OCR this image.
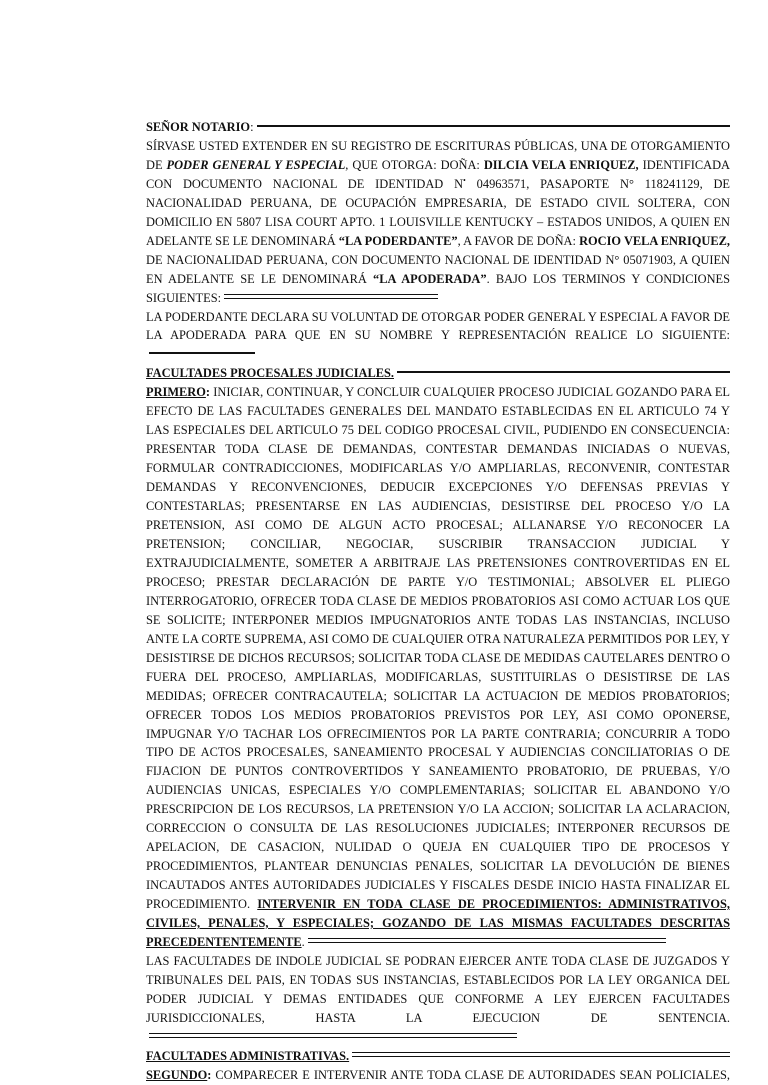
SEÑOR NOTARIO:

SÍRVASE USTED EXTENDER EN SU REGISTRO DE ESCRITURAS PÚBLICAS, UNA DE OTORGAMIENTO DE PODER GENERAL Y ESPECIAL, QUE OTORGA: DOÑA: DILCIA VELA ENRIQUEZ, IDENTIFICADA CON DOCUMENTO NACIONAL DE IDENTIDAD N• 04963571, PASAPORTE N° 118241129, DE NACIONALIDAD PERUANA, DE OCUPACIÓN EMPRESARIA, DE ESTADO CIVIL SOLTERA, CON DOMICILIO EN 5807 LISA COURT APTO. 1 LOUISVILLE KENTUCKY – ESTADOS UNIDOS, A QUIEN EN ADELANTE SE LE DENOMINARÁ “LA PODERDANTE”, A FAVOR DE DOÑA: ROCIO VELA ENRIQUEZ, DE NACIONALIDAD PERUANA, CON DOCUMENTO NACIONAL DE IDENTIDAD N° 05071903, A QUIEN EN ADELANTE SE LE DENOMINARÁ “LA APODERADA”. BAJO LOS TERMINOS Y CONDICIONES SIGUIENTES:

LA PODERDANTE DECLARA SU VOLUNTAD DE OTORGAR PODER GENERAL Y ESPECIAL A FAVOR DE LA APODERADA PARA QUE EN SU NOMBRE Y REPRESENTACIÓN REALICE LO SIGUIENTE:

FACULTADES PROCESALES JUDICIALES.

PRIMERO: INICIAR, CONTINUAR, Y CONCLUIR CUALQUIER PROCESO JUDICIAL GOZANDO PARA EL EFECTO DE LAS FACULTADES GENERALES DEL MANDATO ESTABLECIDAS EN EL ARTICULO 74 Y LAS ESPECIALES DEL ARTICULO 75 DEL CODIGO PROCESAL CIVIL, PUDIENDO EN CONSECUENCIA: PRESENTAR TODA CLASE DE DEMANDAS, CONTESTAR DEMANDAS INICIADAS O NUEVAS, FORMULAR CONTRADICCIONES, MODIFICARLAS Y/O AMPLIARLAS, RECONVENIR, CONTESTAR DEMANDAS Y RECONVENCIONES, DEDUCIR EXCEPCIONES Y/O DEFENSAS PREVIAS Y CONTESTARLAS; PRESENTARSE EN LAS AUDIENCIAS, DESISTIRSE DEL PROCESO Y/O LA PRETENSION, ASI COMO DE ALGUN ACTO PROCESAL; ALLANARSE Y/O RECONOCER LA PRETENSION; CONCILIAR, NEGOCIAR, SUSCRIBIR TRANSACCION JUDICIAL Y EXTRAJUDICIALMENTE, SOMETER A ARBITRAJE LAS PRETENSIONES CONTROVERTIDAS EN EL PROCESO; PRESTAR DECLARACIÓN DE PARTE Y/O TESTIMONIAL; ABSOLVER EL PLIEGO INTERROGATORIO, OFRECER TODA CLASE DE MEDIOS PROBATORIOS ASI COMO ACTUAR LOS QUE SE SOLICITE; INTERPONER MEDIOS IMPUGNATORIOS ANTE TODAS LAS INSTANCIAS, INCLUSO ANTE LA CORTE SUPREMA, ASI COMO DE CUALQUIER OTRA NATURALEZA PERMITIDOS POR LEY, Y DESISTIRSE DE DICHOS RECURSOS; SOLICITAR TODA CLASE DE MEDIDAS CAUTELARES DENTRO O FUERA DEL PROCESO, AMPLIARLAS, MODIFICARLAS, SUSTITUIRLAS O DESISTIRSE DE LAS MEDIDAS; OFRECER CONTRACAUTELA; SOLICITAR LA ACTUACION DE MEDIOS PROBATORIOS; OFRECER TODOS LOS MEDIOS PROBATORIOS PREVISTOS POR LEY, ASI COMO OPONERSE, IMPUGNAR Y/O TACHAR LOS OFRECIMIENTOS POR LA PARTE CONTRARIA; CONCURRIR A TODO TIPO DE ACTOS PROCESALES, SANEAMIENTO PROCESAL Y AUDIENCIAS CONCILIATORIAS O DE FIJACION DE PUNTOS CONTROVERTIDOS Y SANEAMIENTO PROBATORIO, DE PRUEBAS, Y/O AUDIENCIAS UNICAS, ESPECIALES Y/O COMPLEMENTARIAS; SOLICITAR EL ABANDONO Y/O PRESCRIPCION DE LOS RECURSOS, LA PRETENSION Y/O LA ACCION; SOLICITAR LA ACLARACION, CORRECCION O CONSULTA DE LAS RESOLUCIONES JUDICIALES; INTERPONER RECURSOS DE APELACION, DE CASACION, NULIDAD O QUEJA EN CUALQUIER TIPO DE PROCESOS Y PROCEDIMIENTOS, PLANTEAR DENUNCIAS PENALES, SOLICITAR LA DEVOLUCIÓN DE BIENES INCAUTADOS ANTES AUTORIDADES JUDICIALES Y FISCALES DESDE INICIO HASTA FINALIZAR EL PROCEDIMIENTO. INTERVENIR EN TODA CLASE DE PROCEDIMIENTOS: ADMINISTRATIVOS, CIVILES, PENALES, Y ESPECIALES; GOZANDO DE LAS MISMAS FACULTADES DESCRITAS PRECEDENTENTEMENTE.

LAS FACULTADES DE INDOLE JUDICIAL SE PODRAN EJERCER ANTE TODA CLASE DE JUZGADOS Y TRIBUNALES DEL PAIS, EN TODAS SUS INSTANCIAS, ESTABLECIDOS POR LA LEY ORGANICA DEL PODER JUDICIAL Y DEMAS ENTIDADES QUE CONFORME A LEY EJERCEN FACULTADES JURISDICCIONALES, HASTA LA EJECUCION DE SENTENCIA.

FACULTADES ADMINISTRATIVAS.

SEGUNDO: COMPARECER E INTERVENIR ANTE TODA CLASE DE AUTORIDADES SEAN POLICIALES,
